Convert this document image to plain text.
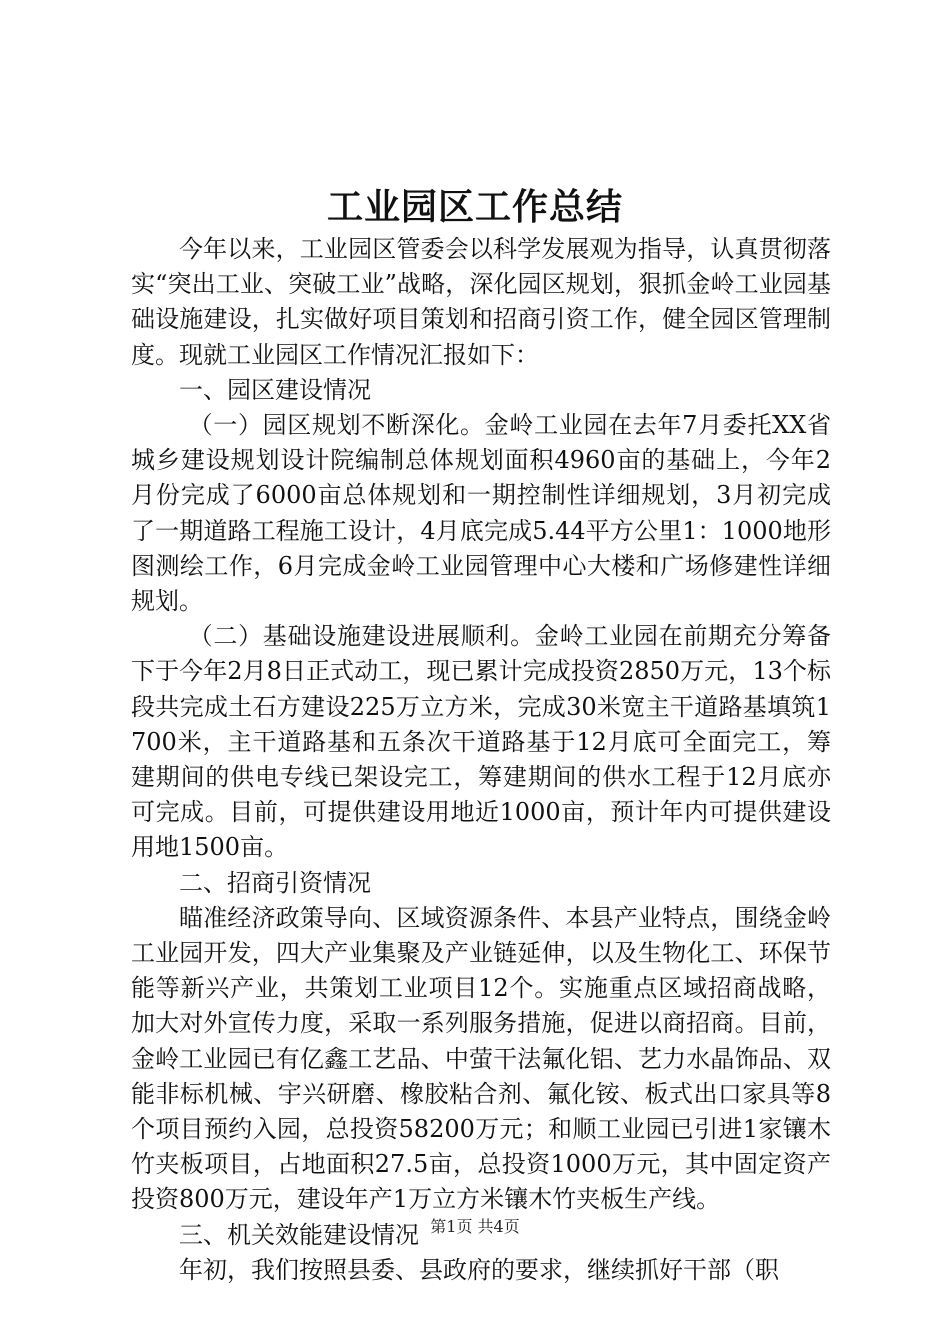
工业园区工作总结

今年以来，工业园区管委会以科学发展观为指导，认真贯彻落实“突出工业、突破工业”战略，深化园区规划，狠抓金岭工业园基础设施建设，扎实做好项目策划和招商引资工作，健全园区管理制度。现就工业园区工作情况汇报如下：

一、园区建设情况

（一）园区规划不断深化。金岭工业园在去年7月委托XX省城乡建设规划设计院编制总体规划面积4960亩的基础上，今年2月份完成了6000亩总体规划和一期控制性详细规划，3月初完成了一期道路工程施工设计，4月底完成5.44平方公里1：1000地形图测绘工作，6月完成金岭工业园管理中心大楼和广场修建性详细规划。

（二）基础设施建设进展顺利。金岭工业园在前期充分筹备下于今年2月8日正式动工，现已累计完成投资2850万元，13个标段共完成土石方建设225万立方米，完成30米宽主干道路基填筑1700米，主干道路基和五条次干道路基于12月底可全面完工，筹建期间的供电专线已架设完工，筹建期间的供水工程于12月底亦可完成。目前，可提供建设用地近1000亩，预计年内可提供建设用地1500亩。

二、招商引资情况

瞄准经济政策导向、区域资源条件、本县产业特点，围绕金岭工业园开发，四大产业集聚及产业链延伸，以及生物化工、环保节能等新兴产业，共策划工业项目12个。实施重点区域招商战略，加大对外宣传力度，采取一系列服务措施，促进以商招商。目前，金岭工业园已有亿鑫工艺品、中萤干法氟化铝、艺力水晶饰品、双能非标机械、宇兴研磨、橡胶粘合剂、氟化铵、板式出口家具等8个项目预约入园，总投资58200万元；和顺工业园已引进1家镶木竹夹板项目，占地面积27.5亩，总投资1000万元，其中固定资产投资800万元，建设年产1万立方米镶木竹夹板生产线。

三、机关效能建设情况

年初，我们按照县委、县政府的要求，继续抓好干部（职

第1页 共4页
